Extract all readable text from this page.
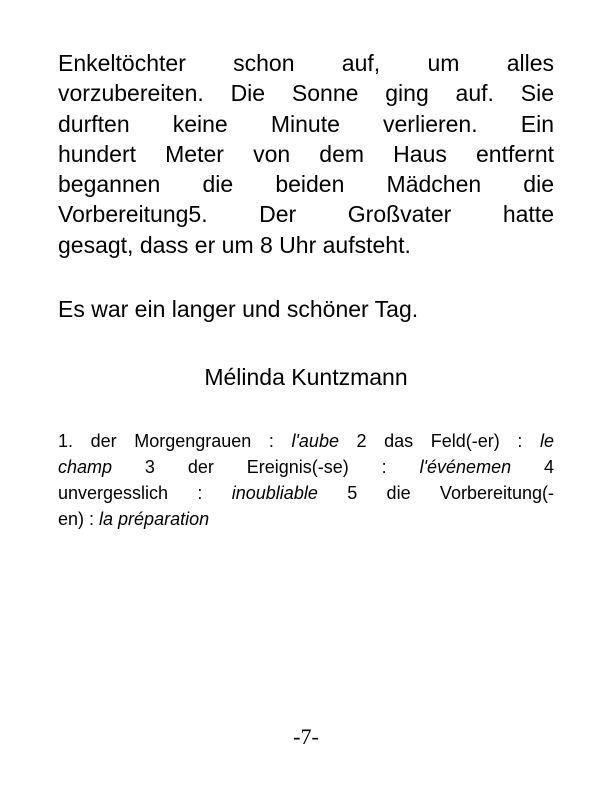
Enkeltöchter schon auf, um alles
vorzubereiten. Die Sonne ging auf. Sie
durften keine Minute verlieren. Ein
hundert Meter von dem Haus entfernt
begannen die beiden Mädchen die
Vorbereitung5. Der Großvater hatte
gesagt, dass er um 8 Uhr aufsteht.
Es war ein langer und schöner Tag.
Mélinda Kuntzmann
1. der Morgengrauen : l'aube 2 das Feld(-er) : le
champ 3 der Ereignis(-se) : l'événemen 4
unvergesslich : inoubliable 5 die Vorbereitung(-
en) : la préparation
-7-
